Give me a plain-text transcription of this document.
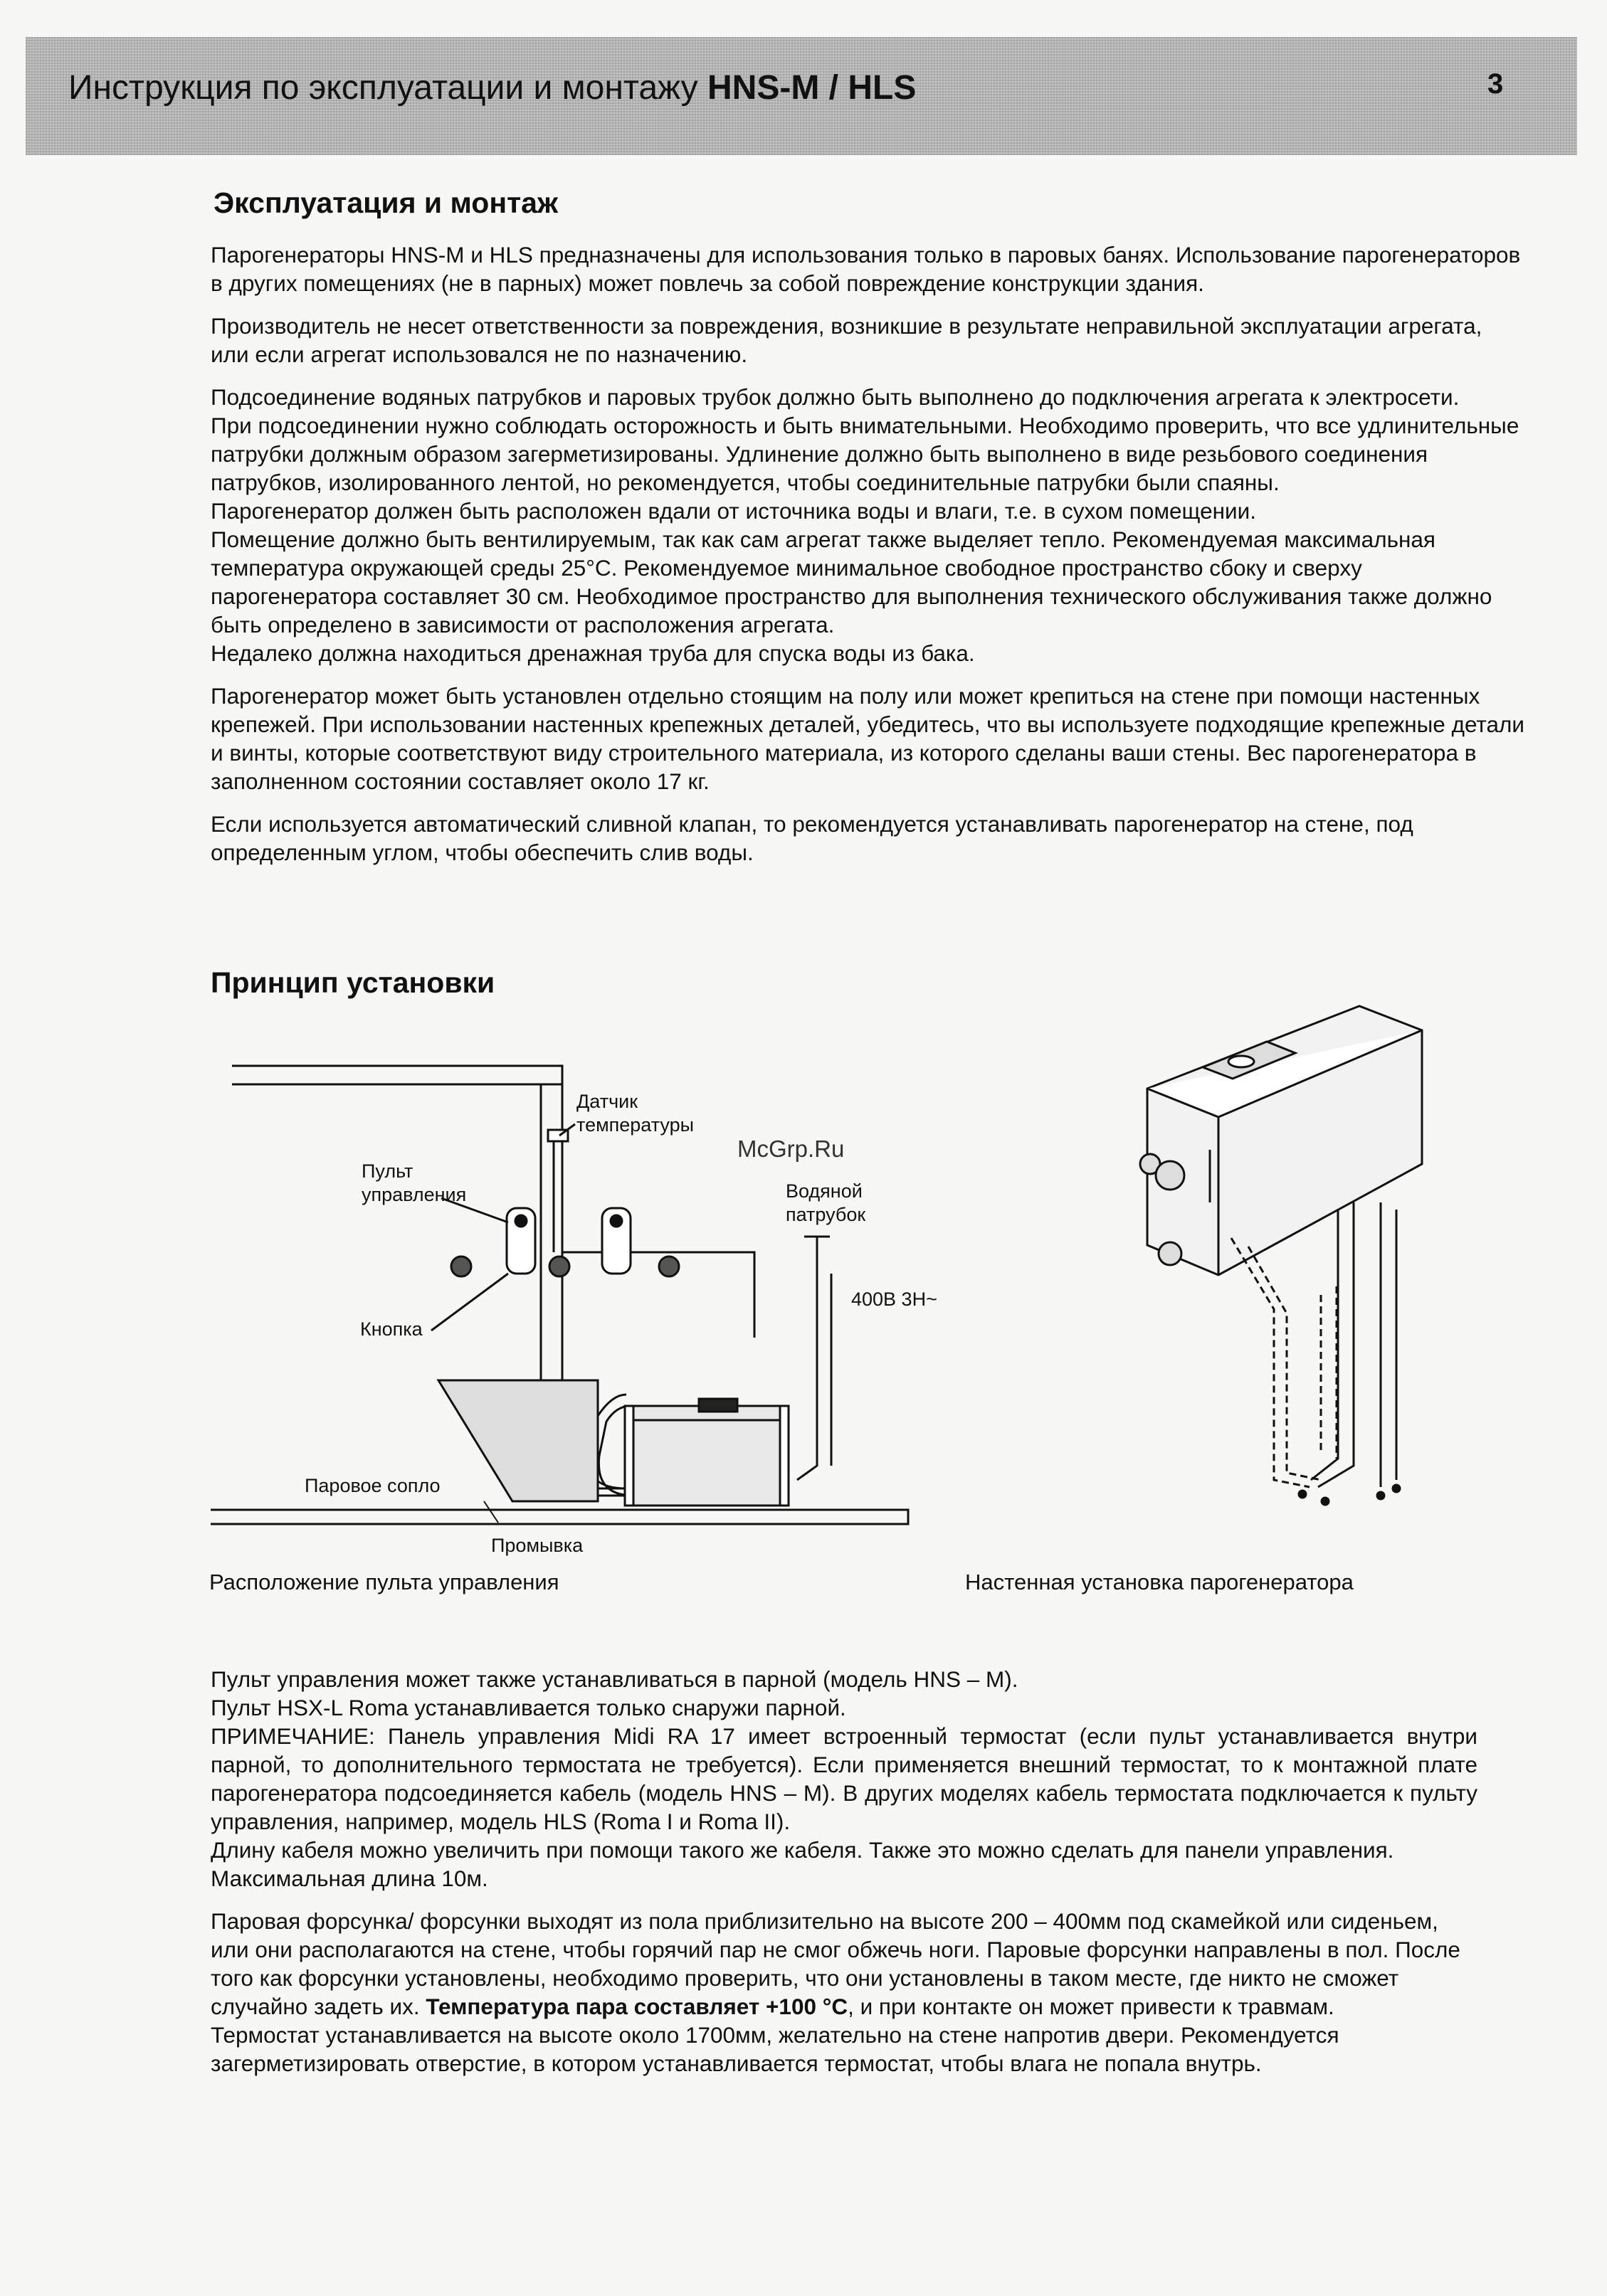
Инструкция по эксплуатации и монтажу HNS-M / HLS	3
Эксплуатация и монтаж

Парогенераторы HNS-M и HLS предназначены для использования только в паровых банях. Использование парогенераторов в других помещениях (не в парных) может повлечь за собой повреждение конструкции здания.

Производитель не несет ответственности за повреждения, возникшие в результате неправильной эксплуатации агрегата, или если агрегат использовался не по назначению.

Подсоединение водяных патрубков и паровых трубок должно быть выполнено до подключения агрегата к электросети.

При подсоединении нужно соблюдать осторожность и быть внимательными. Необходимо проверить, что все удлинительные патрубки должным образом загерметизированы. Удлинение должно быть выполнено в виде резьбового соединения патрубков, изолированного лентой, но рекомендуется, чтобы соединительные патрубки были спаяны.

Парогенератор должен быть расположен вдали от источника воды и влаги, т.е. в сухом помещении.

Помещение должно быть вентилируемым, так как сам агрегат также выделяет тепло. Рекомендуемая максимальная температура окружающей среды 25°C. Рекомендуемое минимальное свободное пространство сбоку и сверху парогенератора составляет 30 см. Необходимое пространство для выполнения технического обслуживания также должно быть определено в зависимости от расположения агрегата.

Недалеко должна находиться дренажная труба для спуска воды из бака.

Парогенератор может быть установлен отдельно стоящим на полу или может крепиться на стене при помощи настенных крепежей. При использовании настенных крепежных деталей, убедитесь, что вы используете подходящие крепежные детали и винты, которые соответствуют виду строительного материала, из которого сделаны ваши стены. Вес парогенератора в заполненном состоянии составляет около 17 кг.

Если используется автоматический сливной клапан, то рекомендуется устанавливать парогенератор на стене, под определенным углом, чтобы обеспечить слив воды.

Принцип установки
Датчик температуры
Пульт управления	Водяной патрубок
400В 3Н~
Кнопка
Паровое сопло
Промывка
McGrp.Ru
Расположение пульта управления	Настенная установка парогенератора

Пульт управления может также устанавливаться в парной (модель HNS – M).

Пульт HSX-L Roma устанавливается только снаружи парной.

ПРИМЕЧАНИЕ: Панель управления Midi RA 17 имеет встроенный термостат (если пульт устанавливается внутри парной, то дополнительного термостата не требуется). Если применяется внешний термостат, то к монтажной плате парогенератора подсоединяется кабель (модель HNS – M). В других моделях кабель термостата подключается к пульту управления, например, модель HLS (Roma I и Roma II).

Длину кабеля можно увеличить при помощи такого же кабеля. Также это можно сделать для панели управления. Максимальная длина 10м.

Паровая форсунка/ форсунки выходят из пола приблизительно на высоте 200 – 400мм под скамейкой или сиденьем, или они располагаются на стене, чтобы горячий пар не смог обжечь ноги. Паровые форсунки направлены в пол. После того как форсунки установлены, необходимо проверить, что они установлены в таком месте, где никто не сможет случайно задеть их. Температура пара составляет +100 °C, и при контакте он может привести к травмам.

Термостат устанавливается на высоте около 1700мм, желательно на стене напротив двери. Рекомендуется загерметизировать отверстие, в котором устанавливается термостат, чтобы влага не попала внутрь.
